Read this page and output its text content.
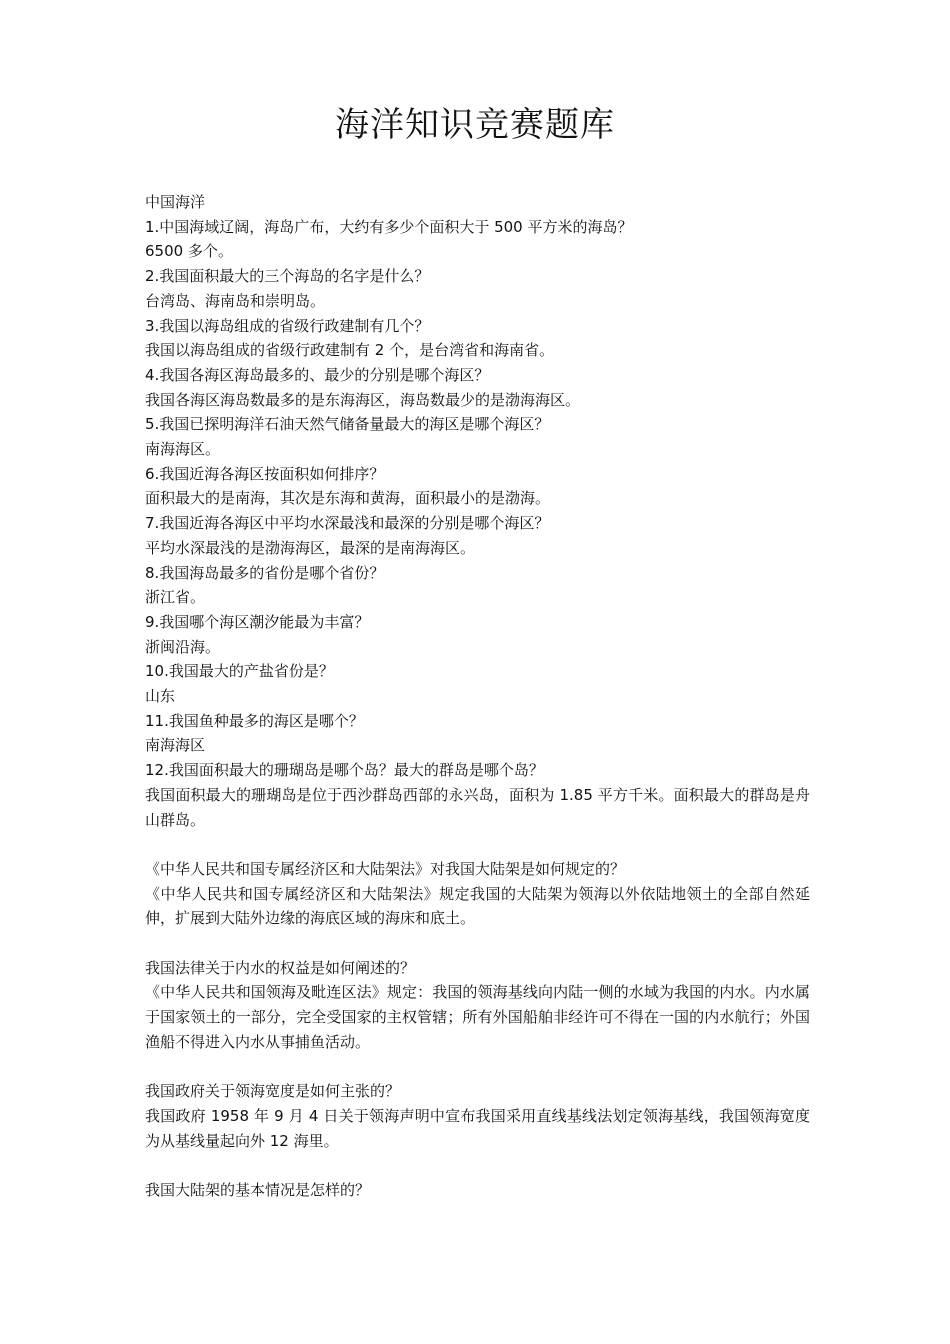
海洋知识竞赛题库

中国海洋

1.中国海域辽阔，海岛广布，大约有多少个面积大于 500 平方米的海岛？

6500 多个。

2.我国面积最大的三个海岛的名字是什么？

台湾岛、海南岛和崇明岛。

3.我国以海岛组成的省级行政建制有几个？

我国以海岛组成的省级行政建制有 2 个，是台湾省和海南省。

4.我国各海区海岛最多的、最少的分别是哪个海区？

我国各海区海岛数最多的是东海海区，海岛数最少的是渤海海区。

5.我国已探明海洋石油天然气储备量最大的海区是哪个海区？

南海海区。

6.我国近海各海区按面积如何排序？

面积最大的是南海，其次是东海和黄海，面积最小的是渤海。

7.我国近海各海区中平均水深最浅和最深的分别是哪个海区？

平均水深最浅的是渤海海区，最深的是南海海区。

8.我国海岛最多的省份是哪个省份？

浙江省。

9.我国哪个海区潮汐能最为丰富？

浙闽沿海。

10.我国最大的产盐省份是？

山东

11.我国鱼种最多的海区是哪个？

南海海区

12.我国面积最大的珊瑚岛是哪个岛？最大的群岛是哪个岛？

我国面积最大的珊瑚岛是位于西沙群岛西部的永兴岛，面积为 1.85 平方千米。面积最大的群岛是舟山群岛。

《中华人民共和国专属经济区和大陆架法》对我国大陆架是如何规定的？

《中华人民共和国专属经济区和大陆架法》规定我国的大陆架为领海以外依陆地领土的全部自然延伸，扩展到大陆外边缘的海底区域的海床和底土。

我国法律关于内水的权益是如何阐述的？

《中华人民共和国领海及毗连区法》规定：我国的领海基线向内陆一侧的水域为我国的内水。内水属于国家领土的一部分，完全受国家的主权管辖；所有外国船舶非经许可不得在一国的内水航行；外国渔船不得进入内水从事捕鱼活动。

我国政府关于领海宽度是如何主张的？

我国政府 1958 年 9 月 4 日关于领海声明中宣布我国采用直线基线法划定领海基线，我国领海宽度为从基线量起向外 12 海里。

我国大陆架的基本情况是怎样的？
